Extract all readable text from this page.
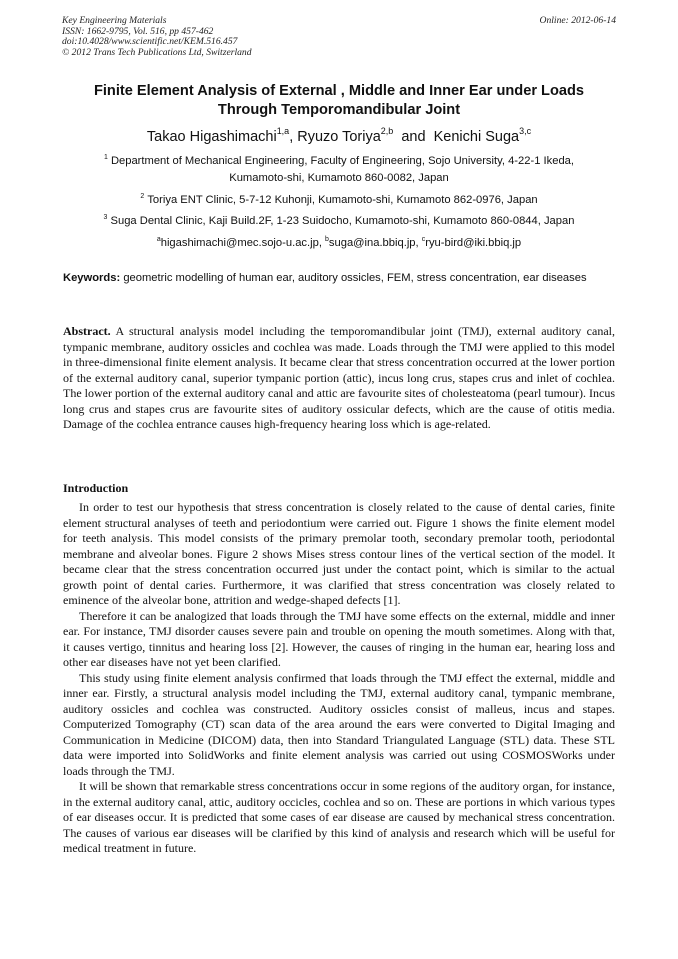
Key Engineering Materials
ISSN: 1662-9795, Vol. 516, pp 457-462
doi:10.4028/www.scientific.net/KEM.516.457
© 2012 Trans Tech Publications Ltd, Switzerland
Online: 2012-06-14
Finite Element Analysis of External , Middle and Inner Ear under Loads
Through Temporomandibular Joint
Takao Higashimachi$^{1,a}$, Ryuzo Toriya$^{2,b}$ and Kenichi Suga$^{3,c}$
$^1$ Department of Mechanical Engineering, Faculty of Engineering, Sojo University, 4-22-1 Ikeda,
Kumamoto-shi, Kumamoto 860-0082, Japan
$^2$ Toriya ENT Clinic, 5-7-12 Kuhonji, Kumamoto-shi, Kumamoto 862-0976, Japan
$^3$ Suga Dental Clinic, Kaji Build.2F, 1-23 Suidocho, Kumamoto-shi, Kumamoto 860-0844, Japan
$^a$higashimachi@mec.sojo-u.ac.jp, $^b$suga@ina.bbiq.jp, $^c$ryu-bird@iki.bbiq.jp
Keywords: geometric modelling of human ear, auditory ossicles, FEM, stress concentration, ear diseases
Abstract. A structural analysis model including the temporomandibular joint (TMJ), external auditory canal, tympanic membrane, auditory ossicles and cochlea was made. Loads through the TMJ were applied to this model in three-dimensional finite element analysis. It became clear that stress concentration occurred at the lower portion of the external auditory canal, superior tympanic portion (attic), incus long crus, stapes crus and inlet of cochlea. The lower portion of the external auditory canal and attic are favourite sites of cholesteatoma (pearl tumour). Incus long crus and stapes crus are favourite sites of auditory ossicular defects, which are the cause of otitis media. Damage of the cochlea entrance causes high-frequency hearing loss which is age-related.
Introduction

In order to test our hypothesis that stress concentration is closely related to the cause of dental caries, finite element structural analyses of teeth and periodontium were carried out. Figure 1 shows the finite element model for teeth analysis. This model consists of the primary premolar tooth, secondary premolar tooth, periodontal membrane and alveolar bones. Figure 2 shows Mises stress contour lines of the vertical section of the model. It became clear that the stress concentration occurred just under the contact point, which is similar to the actual growth point of dental caries. Furthermore, it was clarified that stress concentration was closely related to eminence of the alveolar bone, attrition and wedge-shaped defects [1].

Therefore it can be analogized that loads through the TMJ have some effects on the external, middle and inner ear. For instance, TMJ disorder causes severe pain and trouble on opening the mouth sometimes. Along with that, it causes vertigo, tinnitus and hearing loss [2]. However, the causes of ringing in the human ear, hearing loss and other ear diseases have not yet been clarified.

This study using finite element analysis confirmed that loads through the TMJ effect the external, middle and inner ear. Firstly, a structural analysis model including the TMJ, external auditory canal, tympanic membrane, auditory ossicles and cochlea was constructed. Auditory ossicles consist of malleus, incus and stapes. Computerized Tomography (CT) scan data of the area around the ears were converted to Digital Imaging and Communication in Medicine (DICOM) data, then into Standard Triangulated Language (STL) data. These STL data were imported into SolidWorks and finite element analysis was carried out using COSMOSWorks under loads through the TMJ.

It will be shown that remarkable stress concentrations occur in some regions of the auditory organ, for instance, in the external auditory canal, attic, auditory occicles, cochlea and so on. These are portions in which various types of ear diseases occur. It is predicted that some cases of ear disease are caused by mechanical stress concentration. The causes of various ear diseases will be clarified by this kind of analysis and research which will be useful for medical treatment in future.
